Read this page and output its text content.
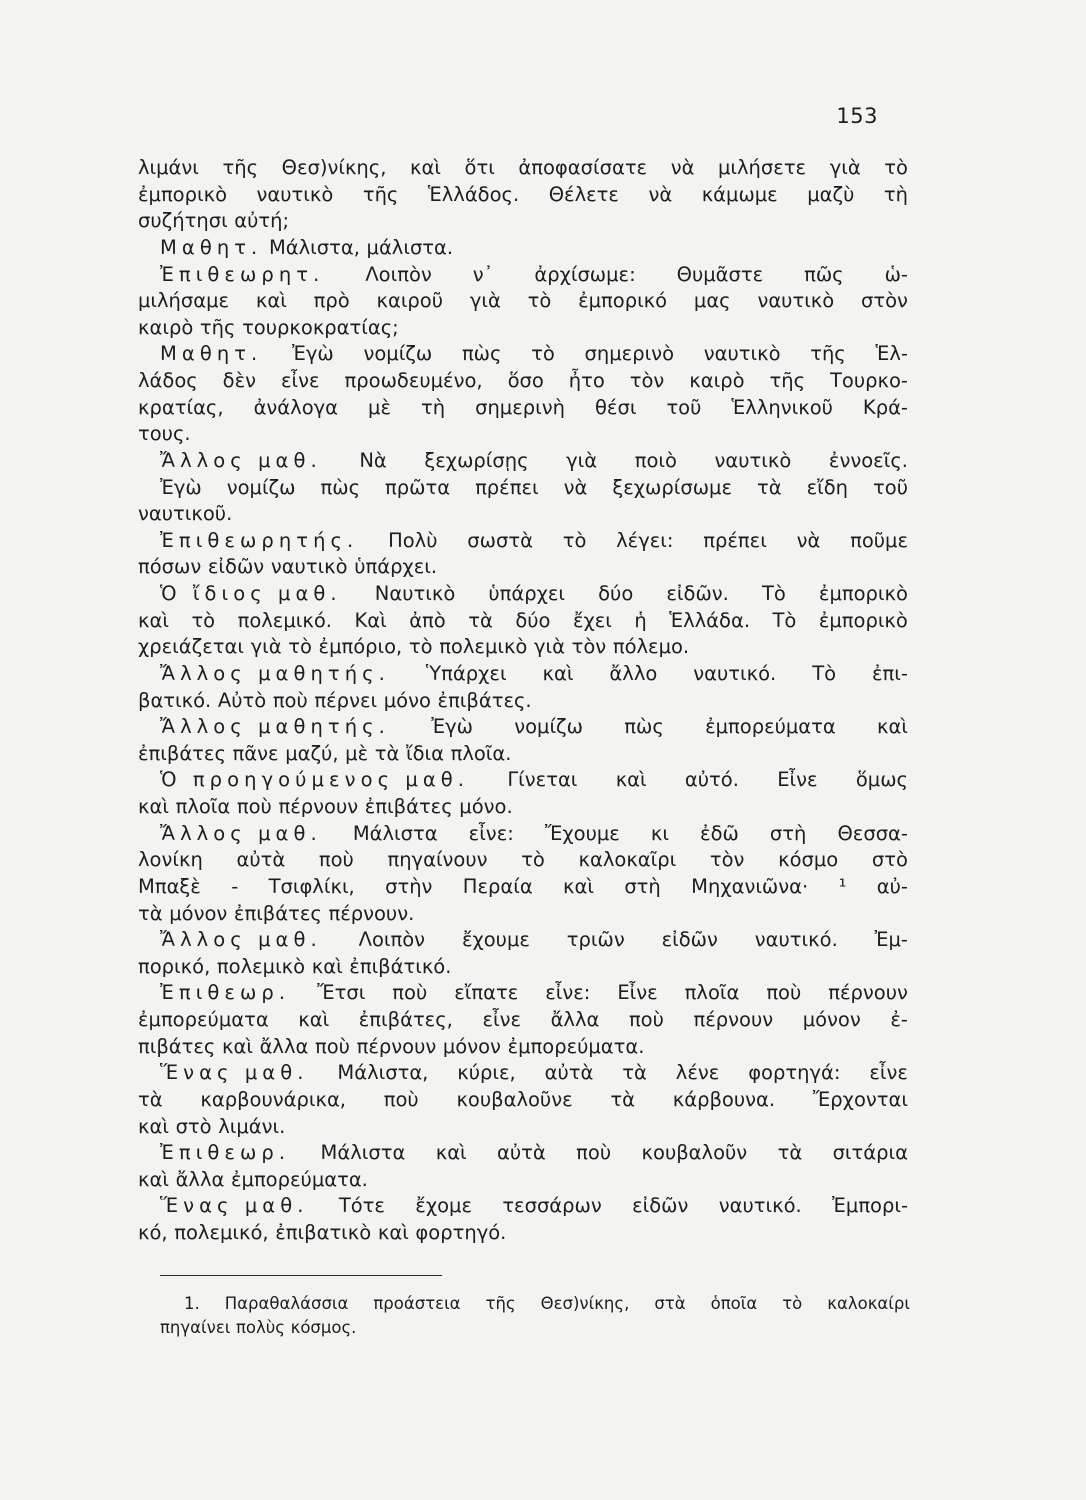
153
λιμάνι τῆς Θεσ)νίκης, καὶ ὅτι ἀποφασίσατε νὰ μιλήσετε γιὰ τὸ
ἐμπορικὸ ναυτικὸ τῆς Ἑλλάδος. Θέλετε νὰ κάμωμε μαζὺ τὴ
συζήτησι αὐτή;
Μαθητ. Μάλιστα, μάλιστα.
Ἐπιθεωρητ. Λοιπὸν ν᾽ ἀρχίσωμε: Θυμᾶστε πῶς ὡ-
μιλήσαμε καὶ πρὸ καιροῦ γιὰ τὸ ἐμπορικό μας ναυτικὸ στὸν
καιρὸ τῆς τουρκοκρατίας;
Μαθητ. Ἐγὼ νομίζω πὼς τὸ σημερινὸ ναυτικὸ τῆς Ἑλ-
λάδος δὲν εἶνε προωδευμένο, ὅσο ἦτο τὸν καιρὸ τῆς Τουρκο-
κρατίας, ἀνάλογα μὲ τὴ σημερινὴ θέσι τοῦ Ἑλληνικοῦ Κρά-
τους.
Ἄλλος μαθ. Νὰ ξεχωρίσῃς γιὰ ποιὸ ναυτικὸ ἐννοεῖς.
Ἐγὼ νομίζω πὼς πρῶτα πρέπει νὰ ξεχωρίσωμε τὰ εἴδη τοῦ
ναυτικοῦ.
Ἐπιθεωρητής. Πολὺ σωστὰ τὸ λέγει: πρέπει νὰ ποῦμε
πόσων εἰδῶν ναυτικὸ ὑπάρχει.
Ὁ ἴδιος μαθ. Ναυτικὸ ὑπάρχει δύο εἰδῶν. Τὸ ἐμπορικὸ
καὶ τὸ πολεμικό. Καὶ ἀπὸ τὰ δύο ἔχει ἡ Ἑλλάδα. Τὸ ἐμπορικὸ
χρειάζεται γιὰ τὸ ἐμπόριο, τὸ πολεμικὸ γιὰ τὸν πόλεμο.
Ἄλλος μαθητής. Ὑπάρχει καὶ ἄλλο ναυτικό. Τὸ ἐπι-
βατικό. Αὐτὸ ποὺ πέρνει μόνο ἐπιβάτες.
Ἄλλος μαθητής. Ἐγὼ νομίζω πὼς ἐμπορεύματα καὶ
ἐπιβάτες πᾶνε μαζύ, μὲ τὰ ἴδια πλοῖα.
Ὁ προηγούμενος μαθ. Γίνεται καὶ αὐτό. Εἶνε ὅμως
καὶ πλοῖα ποὺ πέρνουν ἐπιβάτες μόνο.
Ἄλλος μαθ. Μάλιστα εἶνε: Ἔχουμε κι ἐδῶ στὴ Θεσσα-
λονίκη αὐτὰ ποὺ πηγαίνουν τὸ καλοκαῖρι τὸν κόσμο στὸ
Μπαξὲ - Τσιφλίκι, στὴν Περαία καὶ στὴ Μηχανιῶνα· ¹ αὐ-
τὰ μόνον ἐπιβάτες πέρνουν.
Ἄλλος μαθ. Λοιπὸν ἔχουμε τριῶν εἰδῶν ναυτικό. Ἐμ-
πορικό, πολεμικὸ καὶ ἐπιβάτικό.
Ἐπιθεωρ. Ἔτσι ποὺ εἴπατε εἶνε: Εἶνε πλοῖα ποὺ πέρνουν
ἐμπορεύματα καὶ ἐπιβάτες, εἶνε ἄλλα ποὺ πέρνουν μόνον ἐ-
πιβάτες καὶ ἄλλα ποὺ πέρνουν μόνον ἐμπορεύματα.
Ἕνας μαθ. Μάλιστα, κύριε, αὐτὰ τὰ λένε φορτηγά: εἶνε
τὰ καρβουνάρικα, ποὺ κουβαλοῦνε τὰ κάρβουνα. Ἔρχονται
καὶ στὸ λιμάνι.
Ἐπιθεωρ. Μάλιστα καὶ αὐτὰ ποὺ κουβαλοῦν τὰ σιτάρια
καὶ ἄλλα ἐμπορεύματα.
Ἕνας μαθ. Τότε ἔχομε τεσσάρων εἰδῶν ναυτικό. Ἐμπορι-
κό, πολεμικό, ἐπιβατικὸ καὶ φορτηγό.
1. Παραθαλάσσια προάστεια τῆς Θεσ)νίκης, στὰ ὁποῖα τὸ καλοκαίρι
πηγαίνει πολὺς κόσμος.
